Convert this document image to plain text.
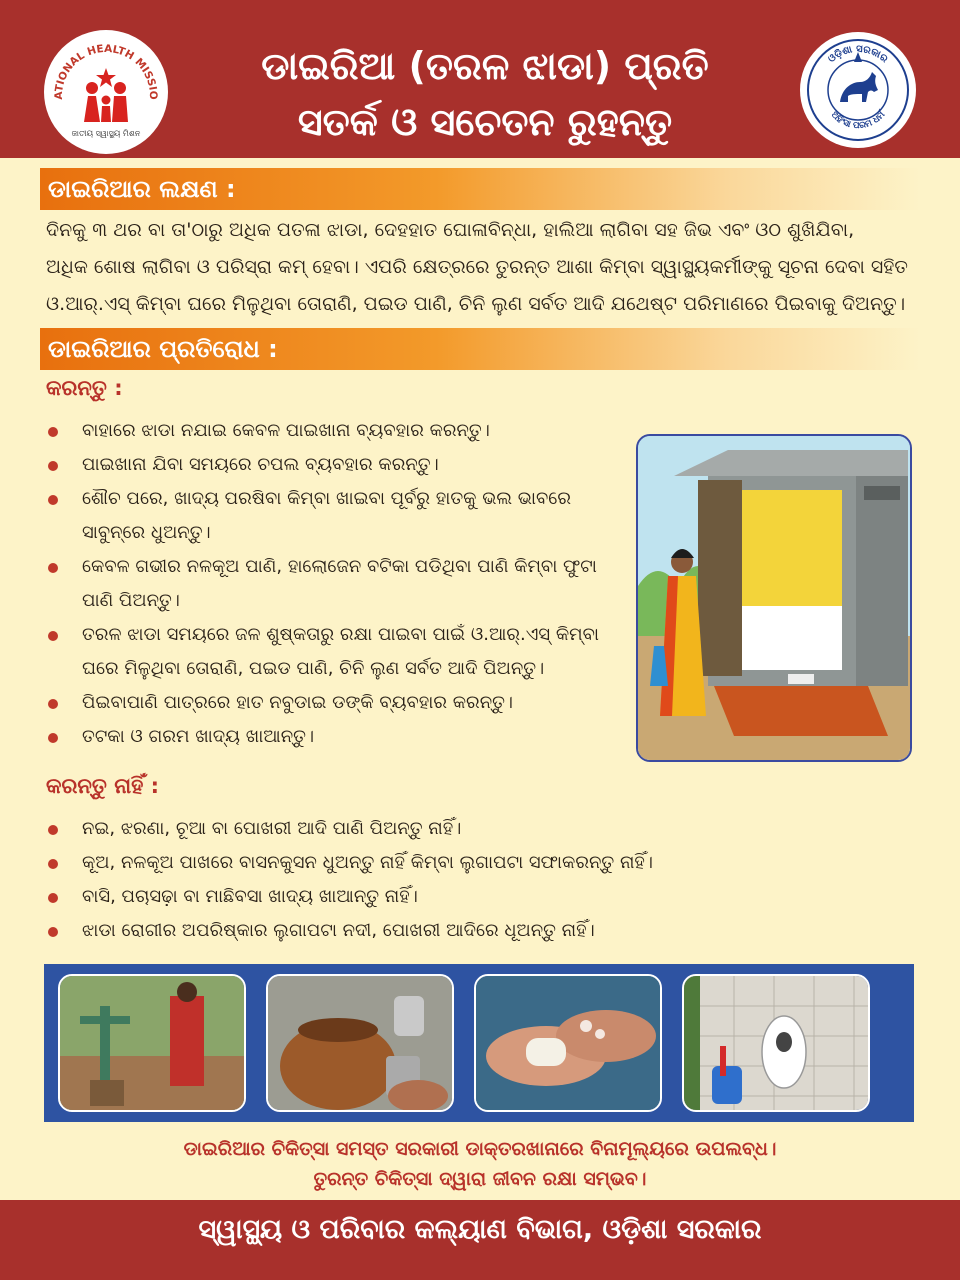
ATIONAL HEALTH MISSIO
ଜାତୀୟ ସ୍ୱାସ୍ଥ୍ୟ ମିଶନ
ଡାଇରିଆ (ତରଳ ଝାଡା) ପ୍ରତି
ସତର୍କ ଓ ସଚେତନ ରୁହନ୍ତୁ
ଓଡ଼ିଶା ସରକାର
ଅହିଂସା ପରମ ଧର୍ମ
ଡାଇରିଆର ଲକ୍ଷଣ :
ଦିନକୁ ୩ ଥର ବା ତା'ଠାରୁ ଅଧିକ ପତଳା ଝାଡା, ଦେହହାତ ଘୋଳାବିନ୍ଧା, ହାଲିଆ ଲାଗିବା ସହ ଜିଭ ଏବଂ ଓଠ ଶୁଖିଯିବା,
ଅଧିକ ଶୋଷ ଲାଗିବା ଓ ପରିସ୍ରା କମ୍ ହେବା। ଏପରି କ୍ଷେତ୍ରରେ ତୁରନ୍ତ ଆଶା କିମ୍ବା ସ୍ୱାସ୍ଥ୍ୟକର୍ମୀଙ୍କୁ ସୂଚନା ଦେବା ସହିତ
ଓ.ଆର୍.ଏସ୍ କିମ୍ବା ଘରେ ମିଳୁଥିବା ତୋରାଣି, ପଇଡ ପାଣି, ଚିନି ଲୁଣ ସର୍ବତ ଆଦି ଯଥେଷ୍ଟ ପରିମାଣରେ ପିଇବାକୁ ଦିଅନ୍ତୁ।
ଡାଇରିଆର ପ୍ରତିରୋଧ :
କରନ୍ତୁ :
ବାହାରେ ଝାଡା ନଯାଇ କେବଳ ପାଇଖାନା ବ୍ୟବହାର କରନ୍ତୁ।
ପାଇଖାନା ଯିବା ସମୟରେ ଚପଲ ବ୍ୟବହାର କରନ୍ତୁ।
ଶୌଚ ପରେ, ଖାଦ୍ୟ ପରଷିବା କିମ୍ବା ଖାଇବା ପୂର୍ବରୁ ହାତକୁ ଭଲ ଭାବରେ
ସାବୁନ୍‌ରେ ଧୁଅନ୍ତୁ।
କେବଳ ଗଭୀର ନଳକୂଅ ପାଣି, ହାଲୋଜେନ ବଟିକା ପଡିଥିବା ପାଣି କିମ୍ବା ଫୁଟା
ପାଣି ପିଅନ୍ତୁ।
ତରଳ ଝାଡା ସମୟରେ ଜଳ ଶୁଷ୍କତାରୁ ରକ୍ଷା ପାଇବା ପାଇଁ ଓ.ଆର୍.ଏସ୍ କିମ୍ବା
ଘରେ ମିଳୁଥିବା ତୋରାଣି, ପଇଡ ପାଣି, ଚିନି ଲୁଣ ସର୍ବତ ଆଦି ପିଅନ୍ତୁ।
ପିଇବାପାଣି ପାତ୍ରରେ ହାତ ନବୁଡାଇ ଡଙ୍କି ବ୍ୟବହାର କରନ୍ତୁ।
ତଟକା ଓ ଗରମ ଖାଦ୍ୟ ଖାଆନ୍ତୁ।
କରନ୍ତୁ ନାହିଁ :
ନଇ, ଝରଣା, ଚୂଆ ବା ପୋଖରୀ ଆଦି ପାଣି ପିଅନ୍ତୁ ନାହିଁ।
କୂଅ, ନଳକୂଅ ପାଖରେ ବାସନକୁସନ ଧୁଅନ୍ତୁ ନାହିଁ କିମ୍ବା ଲୁଗାପଟା ସଫାକରନ୍ତୁ ନାହିଁ।
ବାସି, ପଚାସଢ଼ା ବା ମାଛିବସା ଖାଦ୍ୟ ଖାଆନ୍ତୁ ନାହିଁ।
ଝାଡା ରୋଗୀର ଅପରିଷ୍କାର ଲୁଗାପଟା ନଦୀ, ପୋଖରୀ ଆଦିରେ ଧୂଅନ୍ତୁ ନାହିଁ।
ଡାଇରିଆର ଚିକିତ୍ସା ସମସ୍ତ ସରକାରୀ ଡାକ୍ତରଖାନାରେ ବିନାମୂଲ୍ୟରେ ଉପଲବ୍ଧ।
ତୁରନ୍ତ ଚିକିତ୍ସା ଦ୍ୱାରା ଜୀବନ ରକ୍ଷା ସମ୍ଭବ।
ସ୍ୱାସ୍ଥ୍ୟ ଓ ପରିବାର କଲ୍ୟାଣ ବିଭାଗ, ଓଡ଼ିଶା ସରକାର
